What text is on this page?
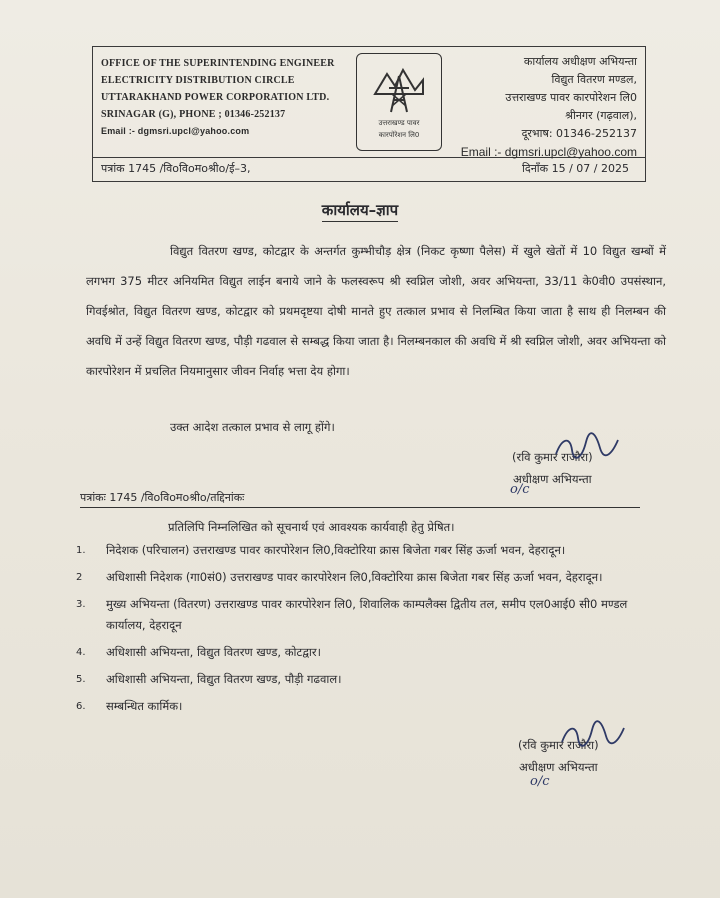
OFFICE OF THE SUPERINTENDING ENGINEER
ELECTRICITY DISTRIBUTION CIRCLE
UTTARAKHAND POWER CORPORATION LTD.
SRINAGAR (G), PHONE ; 01346-252137
Email :- dgmsri.upcl@yahoo.com
उत्तराखण्ड पावर
कारपोरेशन लि0
कार्यालय अधीक्षण अभियन्ता
विद्युत वितरण मण्डल,
उत्तराखण्ड पावर कारपोरेशन लि0
श्रीनगर (गढ़वाल),
दूरभाष: 01346-252137
Email :- dgmsri.upcl@yahoo.com
पत्रांक 1745 /विoविoमoश्रीo/ई–3,	दिनाँक 15 / 07 / 2025
कार्यालय–ज्ञाप
विद्युत वितरण खण्ड, कोटद्वार के अन्तर्गत कुम्भीचौड़ क्षेत्र (निकट कृष्णा पैलेस) में खुले खेतों में 10 विद्युत खम्बों में लगभग 375 मीटर अनियमित विद्युत लाईन बनाये जाने के फलस्वरूप श्री स्वप्निल जोशी, अवर अभियन्ता, 33/11 के0वी0 उपसंस्थान, गिवईश्रोत, विद्युत वितरण खण्ड, कोटद्वार को प्रथमदृष्टया दोषी मानते हुए तत्काल प्रभाव से निलम्बित किया जाता है साथ ही निलम्बन की अवधि में उन्हें विद्युत वितरण खण्ड, पौड़ी गढवाल से सम्बद्ध किया जाता है। निलम्बनकाल की अवधि में श्री स्वप्निल जोशी, अवर अभियन्ता को कारपोरेशन में प्रचलित नियमानुसार जीवन निर्वाह भत्ता देय होगा।
उक्त आदेश तत्काल प्रभाव से लागू होंगे।
(रवि कुमार राजौरा)
अधीक्षण अभियन्ता
o/c
पत्रांकः 1745 /विoविoमoश्रीo/तद्दिनांकः
प्रतिलिपि निम्नलिखित को सूचनार्थ एवं आवश्यक कार्यवाही हेतु प्रेषित।
1.	निदेशक (परिचालन) उत्तराखण्ड पावर कारपोरेशन लि0,विक्टोरिया क्रास बिजेता गबर सिंह ऊर्जा भवन, देहरादून।
2	अधिशासी निदेशक (गा0सं0) उत्तराखण्ड पावर कारपोरेशन लि0,विक्टोरिया क्रास बिजेता गबर सिंह ऊर्जा भवन, देहरादून।
3.	मुख्य अभियन्ता (वितरण) उत्तराखण्ड पावर कारपोरेशन लि0, शिवालिक काम्पलैक्स द्वितीय तल, समीप एल0आई0 सी0 मण्डल कार्यालय, देहरादून
4.	अधिशासी अभियन्ता, विद्युत वितरण खण्ड, कोटद्वार।
5.	अधिशासी अभियन्ता, विद्युत वितरण खण्ड, पौड़ी गढवाल।
6.	सम्बन्धित कार्मिक।
(रवि कुमार राजौरा)
अधीक्षण अभियन्ता
o/c
